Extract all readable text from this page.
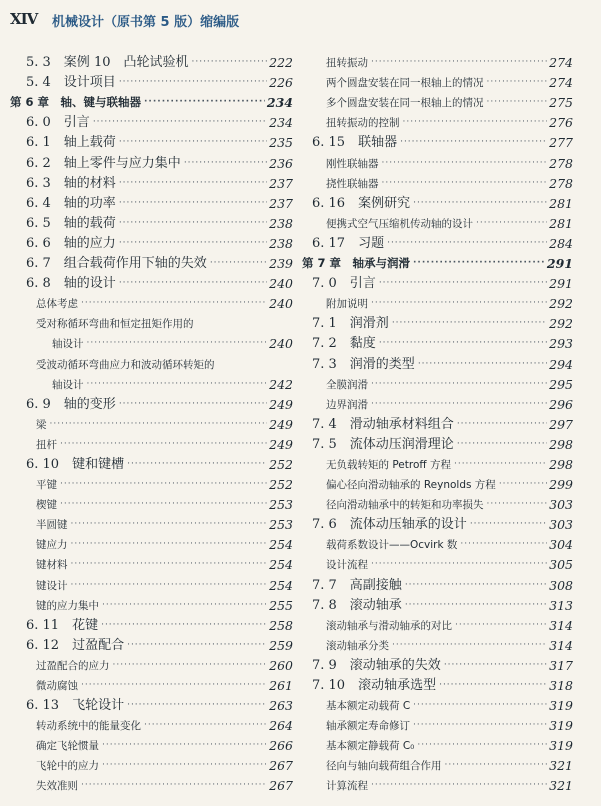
XIV 机械设计（原书第 5 版）缩编版
5. 3　案例 10　凸轮试验机 ·····	222
5. 4　设计项目 ·····	226
第 6 章　轴、键与联轴器 ·····	234
6. 0　引言 ·····	234
6. 1　轴上载荷 ·····	235
6. 2　轴上零件与应力集中 ·····	236
6. 3　轴的材料 ·····	237
6. 4　轴的功率 ·····	237
6. 5　轴的载荷 ·····	238
6. 6　轴的应力 ·····	238
6. 7　组合载荷作用下轴的失效 ·····	239
6. 8　轴的设计 ·····	240
总体考虑 ·····	240
受对称循环弯曲和恒定扭矩作用的
轴设计 ·····	240
受波动循环弯曲应力和波动循环转矩的
轴设计 ·····	242
6. 9　轴的变形 ·····	249
梁 ·····	249
扭杆 ·····	249
6. 10　键和键槽 ·····	252
平键 ·····	252
楔键 ·····	253
半圆键 ·····	253
键应力 ·····	254
键材料 ·····	254
键设计 ·····	254
键的应力集中 ·····	255
6. 11　花键 ·····	258
6. 12　过盈配合 ·····	259
过盈配合的应力 ·····	260
微动腐蚀 ·····	261
6. 13　飞轮设计 ·····	263
转动系统中的能量变化 ·····	264
确定飞轮惯量 ·····	266
飞轮中的应力 ·····	267
失效准则 ·····	267
扭转振动 ·····	274
两个圆盘安装在同一根轴上的情况 ·····	274
多个圆盘安装在同一根轴上的情况 ·····	275
扭转振动的控制 ·····	276
6. 15　联轴器 ·····	277
刚性联轴器 ·····	278
挠性联轴器 ·····	278
6. 16　案例研究 ·····	281
便携式空气压缩机传动轴的设计 ·····	281
6. 17　习题 ·····	284
第 7 章　轴承与润滑 ·····	291
7. 0　引言 ·····	291
附加说明 ·····	292
7. 1　润滑剂 ·····	292
7. 2　黏度 ·····	293
7. 3　润滑的类型 ·····	294
全膜润滑 ·····	295
边界润滑 ·····	296
7. 4　滑动轴承材料组合 ·····	297
7. 5　流体动压润滑理论 ·····	298
无负载转矩的 Petroff 方程 ·····	298
偏心径向滑动轴承的 Reynolds 方程 ·····	299
径向滑动轴承中的转矩和功率损失 ·····	303
7. 6　流体动压轴承的设计 ·····	303
载荷系数设计——Ocvirk 数 ·····	304
设计流程 ·····	305
7. 7　高副接触 ·····	308
7. 8　滚动轴承 ·····	313
滚动轴承与滑动轴承的对比 ·····	314
滚动轴承分类 ·····	314
7. 9　滚动轴承的失效 ·····	317
7. 10　滚动轴承选型 ·····	318
基本额定动载荷 C ·····	319
轴承额定寿命修订 ·····	319
基本额定静载荷 C₀ ·····	319
径向与轴向载荷组合作用 ·····	321
计算流程 ·····	321
